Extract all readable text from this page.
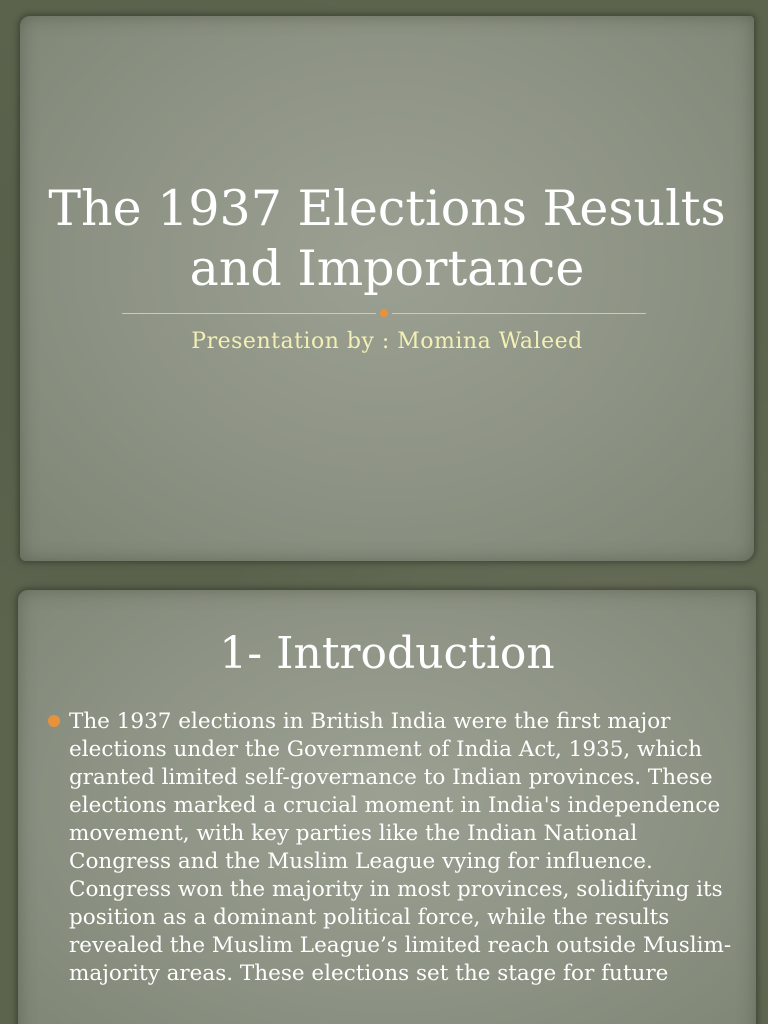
The 1937 Elections Results and Importance
Presentation by : Momina Waleed
1- Introduction

The 1937 elections in British India were the first major elections under the Government of India Act, 1935, which granted limited self-governance to Indian provinces. These elections marked a crucial moment in India's independence movement, with key parties like the Indian National Congress and the Muslim League vying for influence. Congress won the majority in most provinces, solidifying its position as a dominant political force, while the results revealed the Muslim League’s limited reach outside Muslim-majority areas. These elections set the stage for future
